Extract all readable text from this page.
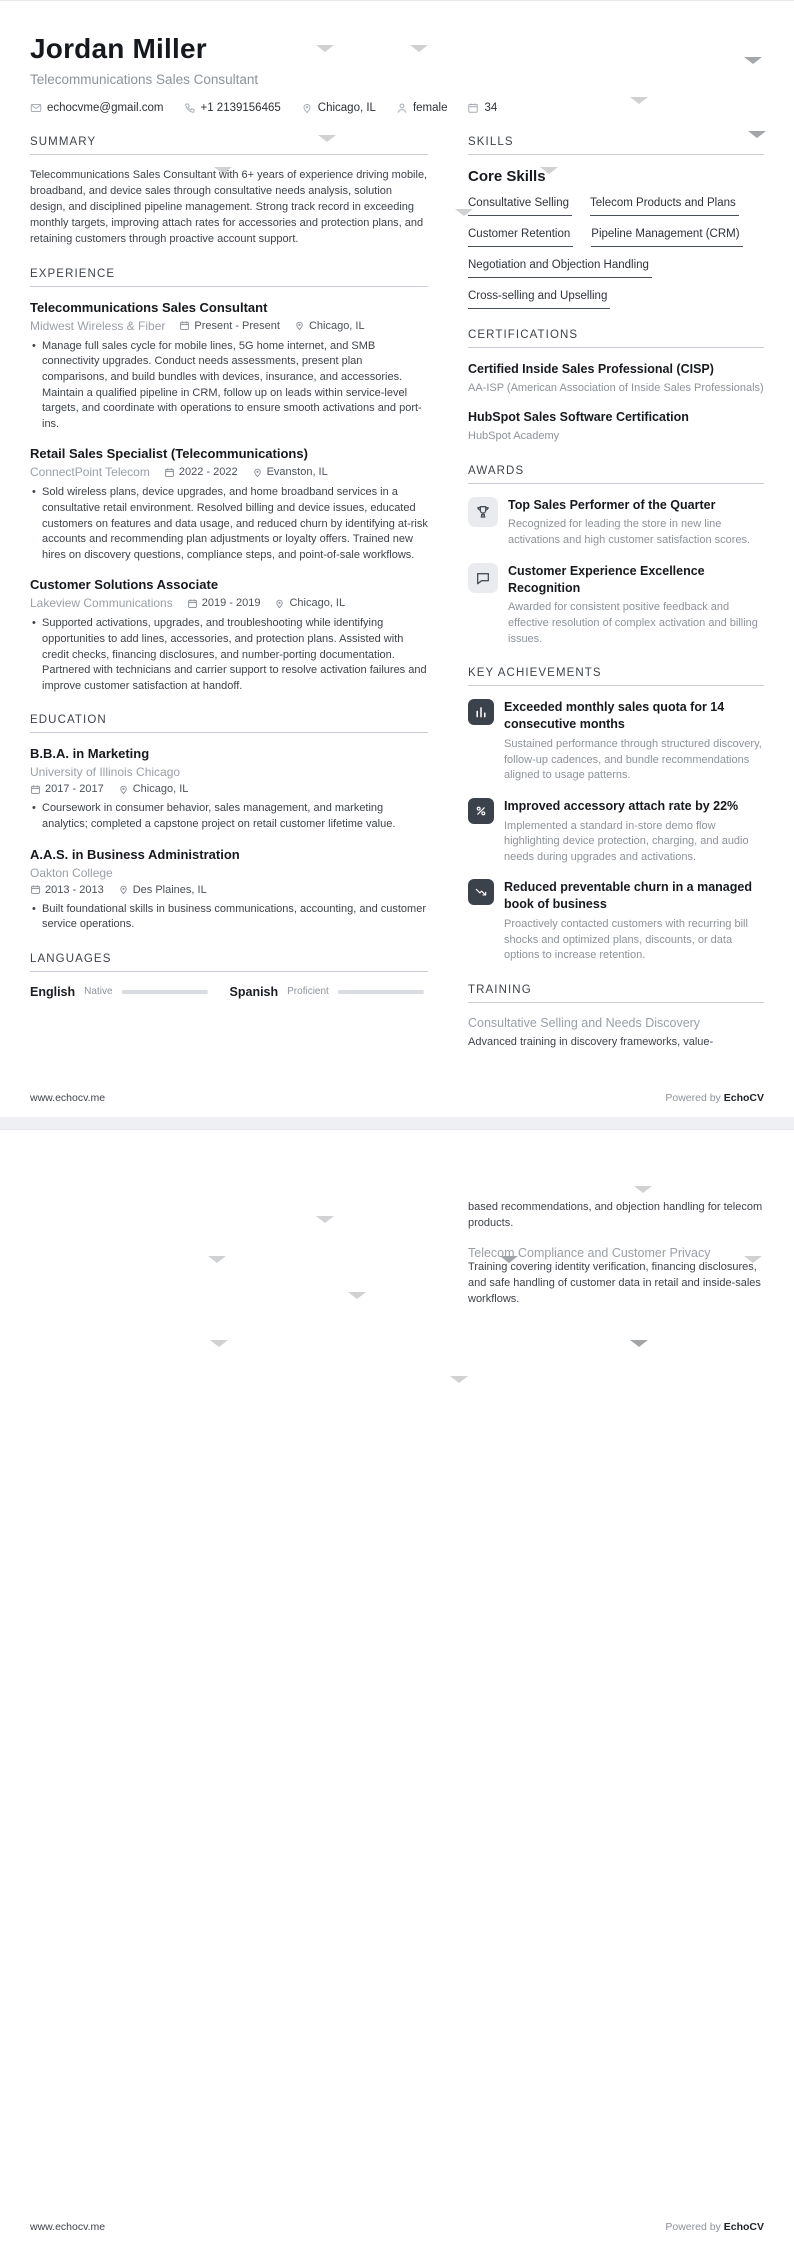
Jordan Miller
Telecommunications Sales Consultant
echocvme@gmail.com	+1 2139156465	Chicago, IL	female	34
SUMMARY

Telecommunications Sales Consultant with 6+ years of experience driving mobile, broadband, and device sales through consultative needs analysis, solution design, and disciplined pipeline management. Strong track record in exceeding monthly targets, improving attach rates for accessories and protection plans, and retaining customers through proactive account support.

EXPERIENCE
Telecommunications Sales Consultant
Midwest Wireless & Fiber	Present - Present	Chicago, IL
• Manage full sales cycle for mobile lines, 5G home internet, and SMB connectivity upgrades. Conduct needs assessments, present plan comparisons, and build bundles with devices, insurance, and accessories. Maintain a qualified pipeline in CRM, follow up on leads within service-level targets, and coordinate with operations to ensure smooth activations and port-ins.
Retail Sales Specialist (Telecommunications)
ConnectPoint Telecom	2022 - 2022	Evanston, IL
• Sold wireless plans, device upgrades, and home broadband services in a consultative retail environment. Resolved billing and device issues, educated customers on features and data usage, and reduced churn by identifying at-risk accounts and recommending plan adjustments or loyalty offers. Trained new hires on discovery questions, compliance steps, and point-of-sale workflows.
Customer Solutions Associate
Lakeview Communications	2019 - 2019	Chicago, IL
• Supported activations, upgrades, and troubleshooting while identifying opportunities to add lines, accessories, and protection plans. Assisted with credit checks, financing disclosures, and number-porting documentation. Partnered with technicians and carrier support to resolve activation failures and improve customer satisfaction at handoff.
EDUCATION
B.B.A. in Marketing
University of Illinois Chicago
2017 - 2017	Chicago, IL
• Coursework in consumer behavior, sales management, and marketing analytics; completed a capstone project on retail customer lifetime value.
A.A.S. in Business Administration
Oakton College
2013 - 2013	Des Plaines, IL
• Built foundational skills in business communications, accounting, and customer service operations.
LANGUAGES
English Native	Spanish Proficient
SKILLS
Core Skills
Consultative Selling Telecom Products and Plans
Customer Retention Pipeline Management (CRM)
Negotiation and Objection Handling
Cross-selling and Upselling
CERTIFICATIONS
Certified Inside Sales Professional (CISP)
AA-ISP (American Association of Inside Sales Professionals)
HubSpot Sales Software Certification
HubSpot Academy
AWARDS
Top Sales Performer of the Quarter
Recognized for leading the store in new line activations and high customer satisfaction scores.
Customer Experience Excellence Recognition
Awarded for consistent positive feedback and effective resolution of complex activation and billing issues.
KEY ACHIEVEMENTS
Exceeded monthly sales quota for 14 consecutive months
Sustained performance through structured discovery, follow-up cadences, and bundle recommendations aligned to usage patterns.
Improved accessory attach rate by 22%
Implemented a standard in-store demo flow highlighting device protection, charging, and audio needs during upgrades and activations.
Reduced preventable churn in a managed book of business
Proactively contacted customers with recurring bill shocks and optimized plans, discounts, or data options to increase retention.
TRAINING
Consultative Selling and Needs Discovery
Advanced training in discovery frameworks, value-
www.echocv.me	Powered by EchoCV
based recommendations, and objection handling for telecom products.
Telecom Compliance and Customer Privacy
Training covering identity verification, financing disclosures, and safe handling of customer data in retail and inside-sales workflows.
www.echocv.me	Powered by EchoCV
